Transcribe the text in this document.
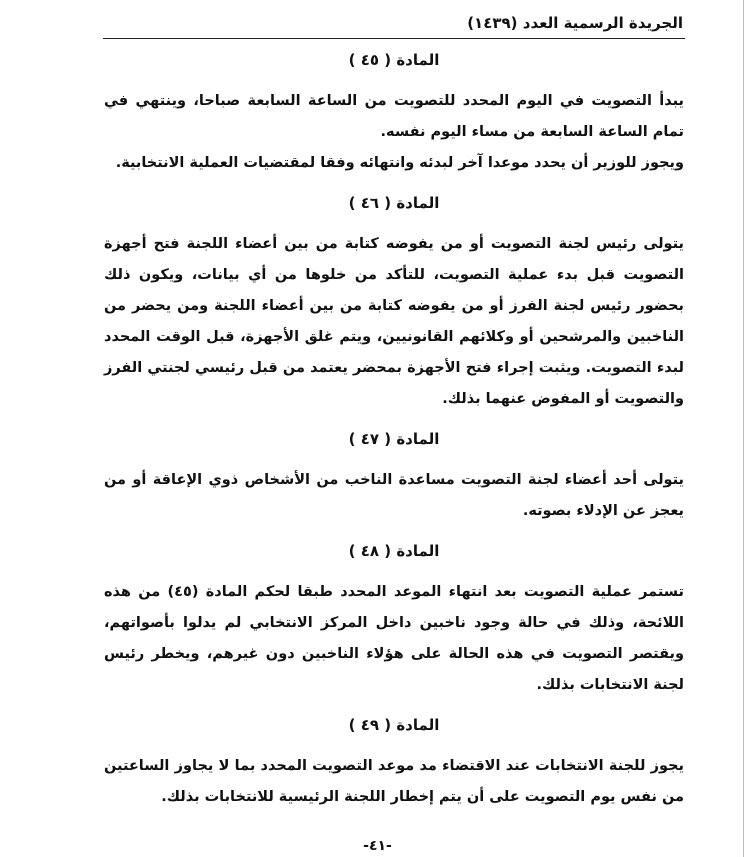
الجريدة الرسمية العدد (١٤٣٩)
المادة ( ٤٥ )

يبدأ التصويت في اليوم المحدد للتصويت من الساعة السابعة صباحا، وينتهي في تمام الساعة السابعة من مساء اليوم نفسه.

ويجوز للوزير أن يحدد موعدا آخر لبدئه وانتهائه وفقا لمقتضيات العملية الانتخابية.

المادة ( ٤٦ )

يتولى رئيس لجنة التصويت أو من يفوضه كتابة من بين أعضاء اللجنة فتح أجهزة التصويت قبل بدء عملية التصويت، للتأكد من خلوها من أي بيانات، ويكون ذلك بحضور رئيس لجنة الفرز أو من يفوضه كتابة من بين أعضاء اللجنة ومن يحضر من الناخبين والمرشحين أو وكلائهم القانونيين، ويتم غلق الأجهزة، قبل الوقت المحدد لبدء التصويت. ويثبت إجراء فتح الأجهزة بمحضر يعتمد من قبل رئيسي لجنتي الفرز والتصويت أو المفوض عنهما بذلك.

المادة ( ٤٧ )

يتولى أحد أعضاء لجنة التصويت مساعدة الناخب من الأشخاص ذوي الإعاقة أو من يعجز عن الإدلاء بصوته.

المادة ( ٤٨ )

تستمر عملية التصويت بعد انتهاء الموعد المحدد طبقا لحكم المادة (٤٥) من هذه اللائحة، وذلك في حالة وجود ناخبين داخل المركز الانتخابي لم يدلوا بأصواتهم، ويقتصر التصويت في هذه الحالة على هؤلاء الناخبين دون غيرهم، ويخطر رئيس لجنة الانتخابات بذلك.

المادة ( ٤٩ )

يجوز للجنة الانتخابات عند الاقتضاء مد موعد التصويت المحدد بما لا يجاوز الساعتين من نفس يوم التصويت على أن يتم إخطار اللجنة الرئيسية للانتخابات بذلك.

-٤١-
